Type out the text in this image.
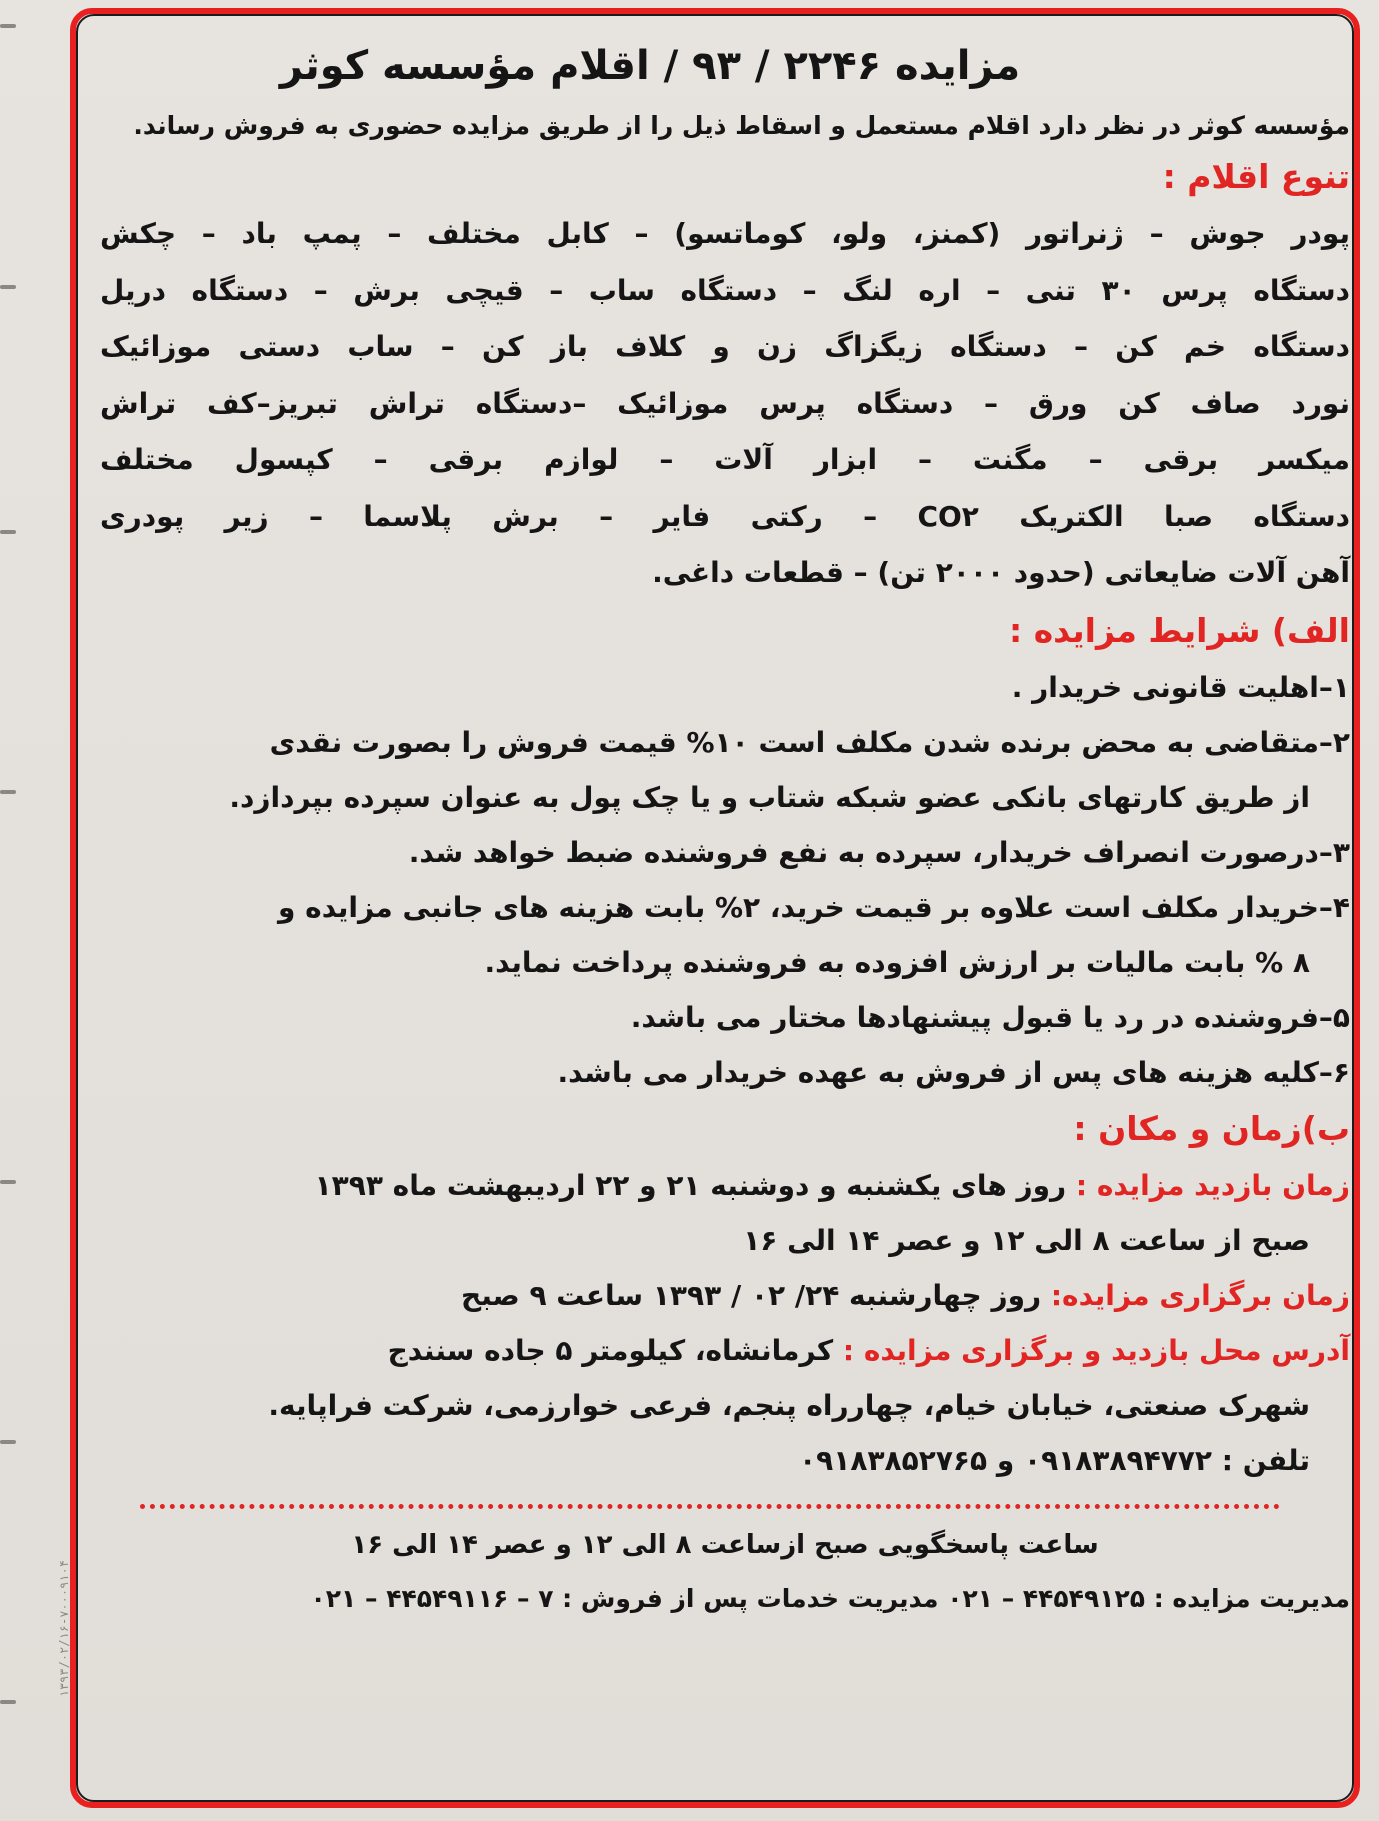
۱۳۹۳/۰۲/۱۶-۷۰۰۰۹۱۰۴
مزایده ۲۲۴۶ / ۹۳ / اقلام مؤسسه کوثر
مؤسسه کوثر در نظر دارد اقلام مستعمل و اسقاط ذیل را از طریق مزایده حضوری به فروش رساند.
تنوع اقلام :
پودر جوش – ژنراتور (کمنز، ولو، کوماتسو) – کابل مختلف – پمپ باد – چکش
دستگاه پرس ۳۰ تنی – اره لنگ – دستگاه ساب – قیچی برش – دستگاه دریل
دستگاه خم کن – دستگاه زیگزاگ زن و کلاف باز کن – ساب دستی موزائیک
نورد صاف کن ورق – دستگاه پرس موزائیک –دستگاه تراش تبریز–کف تراش
میکسر برقی – مگنت – ابزار آلات – لوازم برقی – کپسول مختلف
دستگاه صبا الکتریک CO۲ – رکتی فایر – برش پلاسما – زیر پودری
آهن آلات ضایعاتی (حدود ۲۰۰۰ تن) – قطعات داغی.
الف) شرایط مزایده :
۱–اهلیت قانونی خریدار .
۲–متقاضی به محض برنده شدن مکلف است ۱۰% قیمت فروش را بصورت نقدی
از طریق کارتهای بانکی عضو شبکه شتاب و یا چک پول به عنوان سپرده بپردازد.
۳–درصورت انصراف خریدار، سپرده به نفع فروشنده ضبط خواهد شد.
۴–خریدار مکلف است علاوه بر قیمت خرید، ۲% بابت هزینه های جانبی مزایده و
۸ % بابت مالیات بر ارزش افزوده به فروشنده پرداخت نماید.
۵–فروشنده در رد یا قبول پیشنهادها مختار می باشد.
۶–کلیه هزینه های پس از فروش به عهده خریدار می باشد.
ب)زمان و مکان :
زمان بازدید مزایده : روز های یکشنبه و دوشنبه ۲۱ و ۲۲ اردیبهشت ماه ۱۳۹۳
صبح از ساعت ۸ الی ۱۲ و عصر ۱۴ الی ۱۶
زمان برگزاری مزایده: روز چهارشنبه ۲۴/ ۰۲ / ۱۳۹۳ ساعت ۹ صبح
آدرس محل بازدید و برگزاری مزایده : کرمانشاه، کیلومتر ۵ جاده سنندج
شهرک صنعتی، خیابان خیام، چهارراه پنجم، فرعی خوارزمی، شرکت فراپایه.
تلفن : ۰۹۱۸۳۸۹۴۷۷۲ و ۰۹۱۸۳۸۵۲۷۶۵
ساعت پاسخگویی صبح ازساعت ۸ الی ۱۲ و عصر ۱۴ الی ۱۶
مدیریت مزایده : ۴۴۵۴۹۱۲۵ – ۰۲۱ مدیریت خدمات پس از فروش : ۷ – ۴۴۵۴۹۱۱۶ – ۰۲۱
